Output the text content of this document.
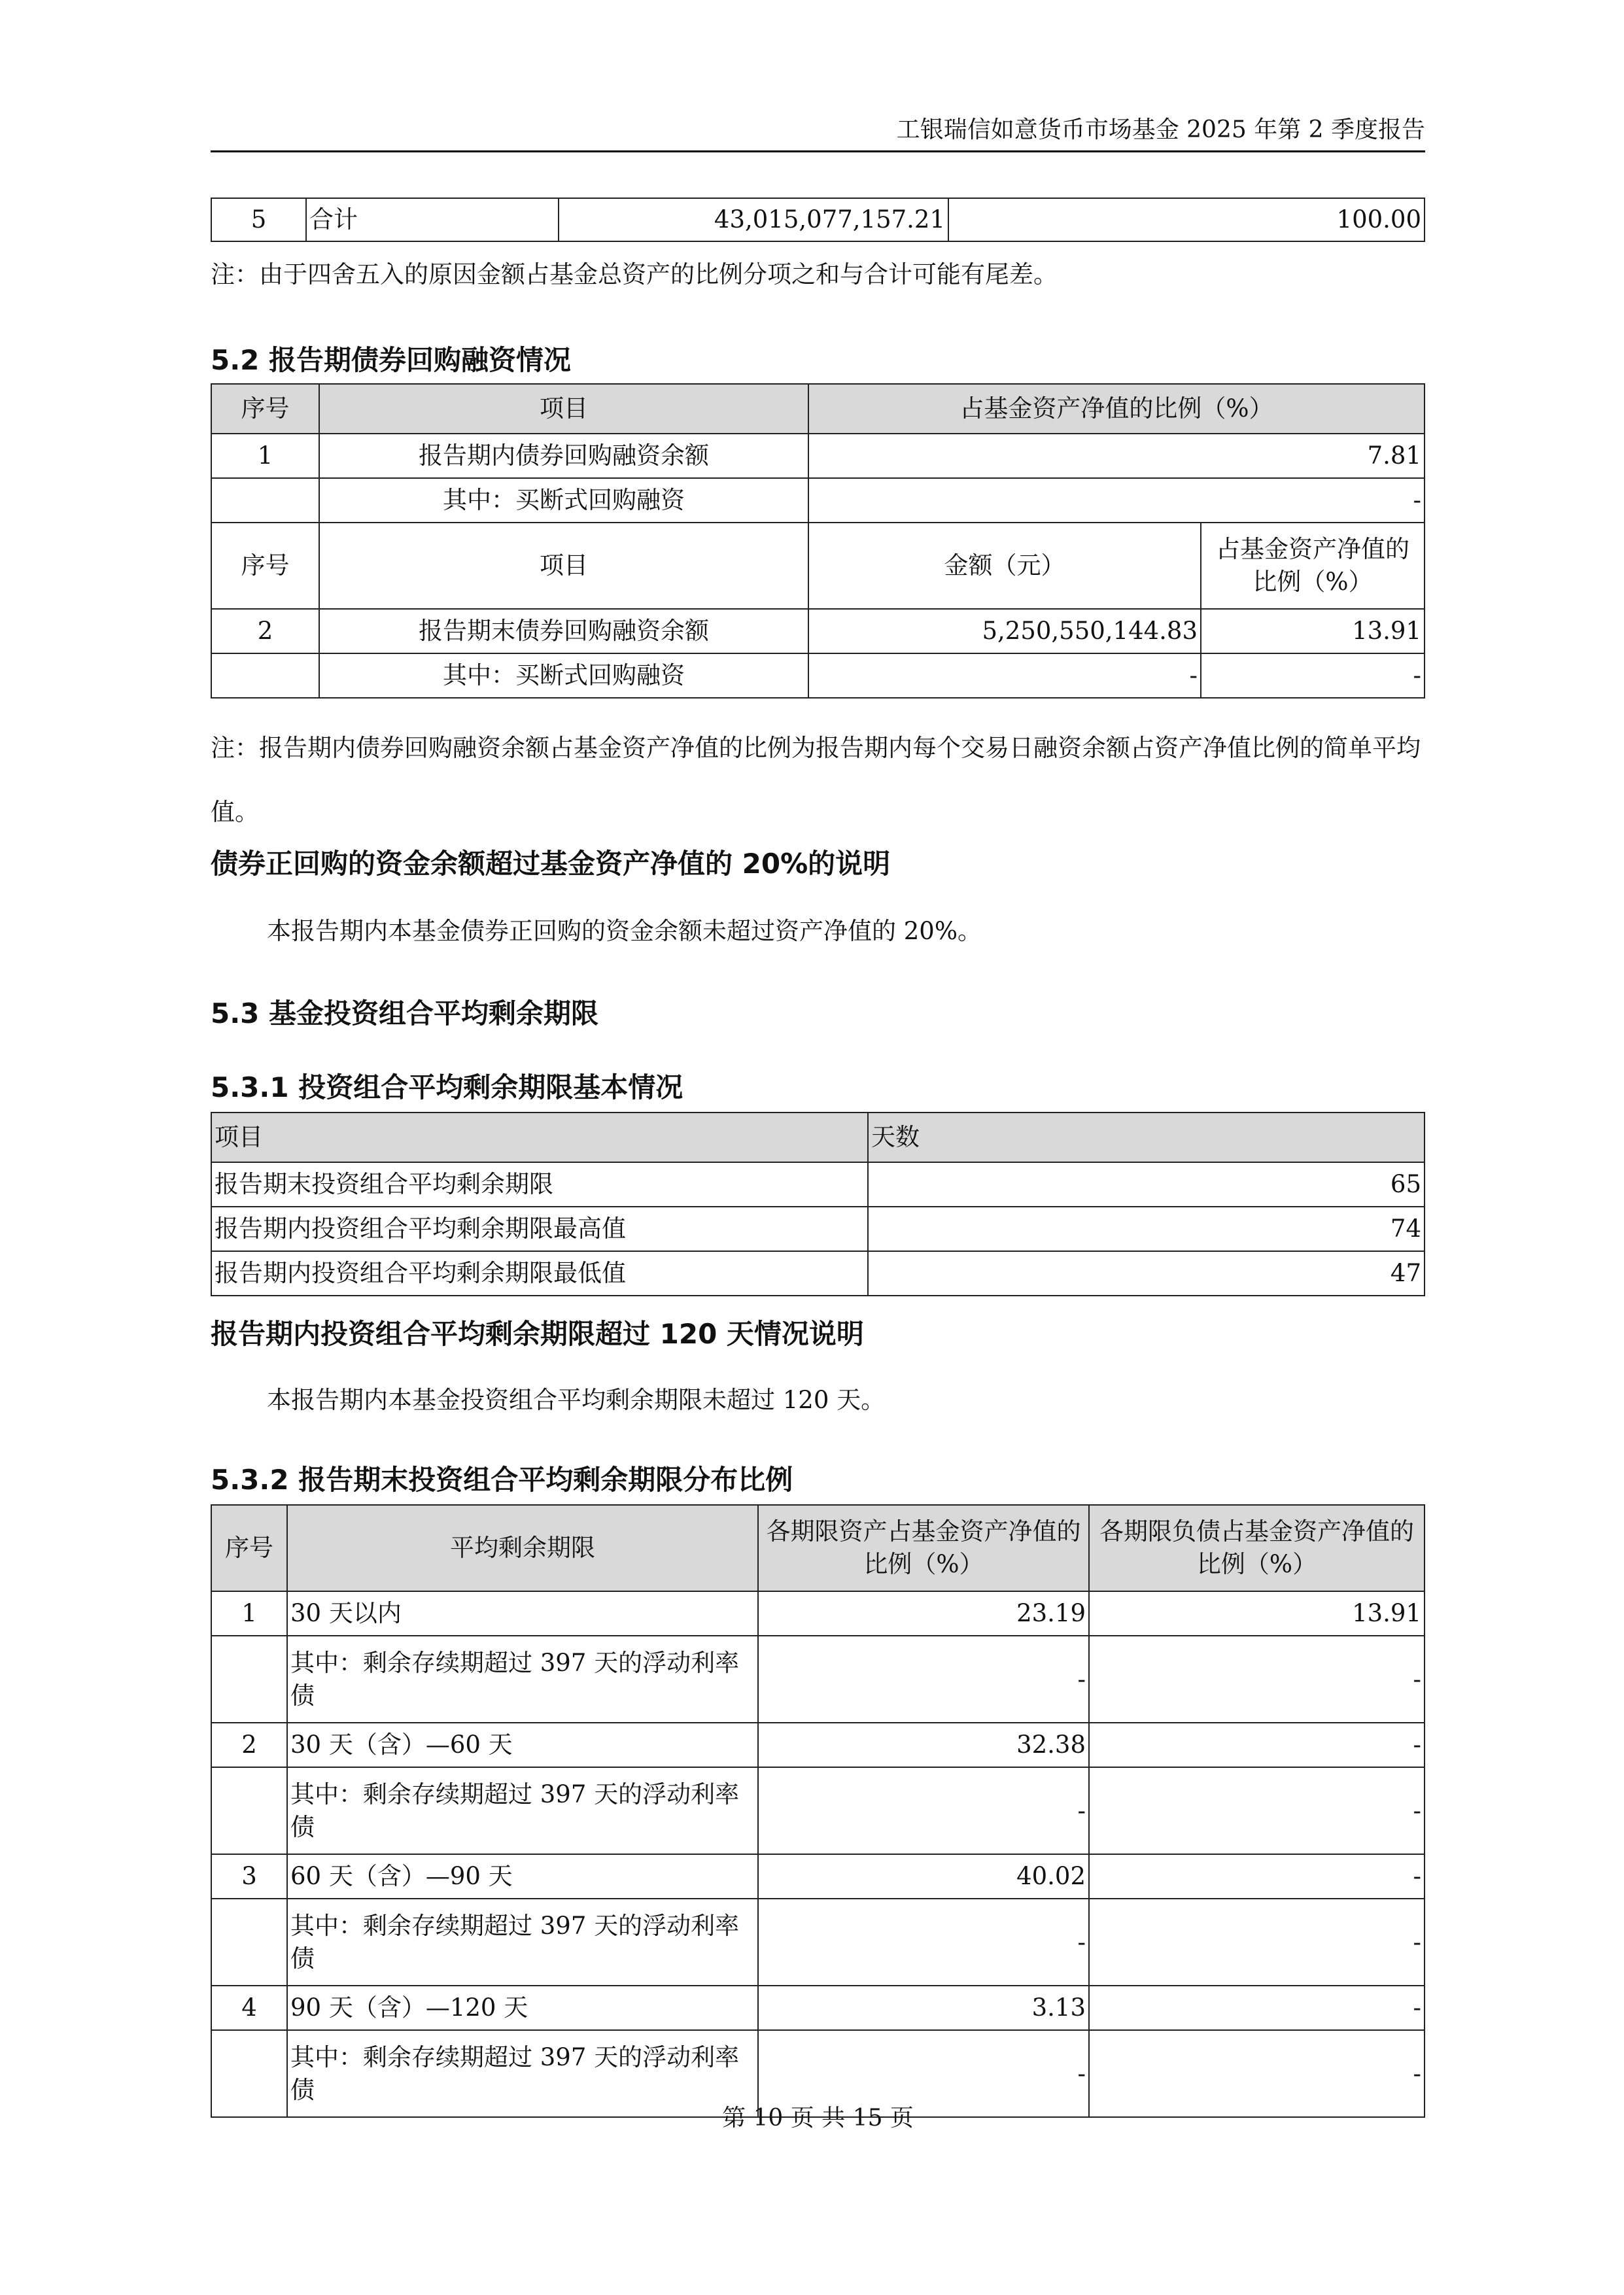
工银瑞信如意货币市场基金 2025 年第 2 季度报告
5	合计	43,015,077,157.21	100.00
注：由于四舍五入的原因金额占基金总资产的比例分项之和与合计可能有尾差。
5.2 报告期债券回购融资情况
序号	项目	占基金资产净值的比例（%）	
1	报告期内债券回购融资余额	7.81	
	其中：买断式回购融资	-	
序号	项目	金额（元）	占基金资产净值的比例（%）
2	报告期末债券回购融资余额	5,250,550,144.83	13.91
	其中：买断式回购融资	-	-
注：报告期内债券回购融资余额占基金资产净值的比例为报告期内每个交易日融资余额占资产净值比例的简单平均值。
债券正回购的资金余额超过基金资产净值的 20%的说明
本报告期内本基金债券正回购的资金余额未超过资产净值的 20%。
5.3 基金投资组合平均剩余期限
5.3.1 投资组合平均剩余期限基本情况
项目	天数
报告期末投资组合平均剩余期限	65
报告期内投资组合平均剩余期限最高值	74
报告期内投资组合平均剩余期限最低值	47
报告期内投资组合平均剩余期限超过 120 天情况说明
本报告期内本基金投资组合平均剩余期限未超过 120 天。
5.3.2 报告期末投资组合平均剩余期限分布比例
序号	平均剩余期限	各期限资产占基金资产净值的比例（%）	各期限负债占基金资产净值的比例（%）
1	30 天以内	23.19	13.91
	其中：剩余存续期超过 397 天的浮动利率债	-	-
2	30 天（含）—60 天	32.38	-
	其中：剩余存续期超过 397 天的浮动利率债	-	-
3	60 天（含）—90 天	40.02	-
	其中：剩余存续期超过 397 天的浮动利率债	-	-
4	90 天（含）—120 天	3.13	-
	其中：剩余存续期超过 397 天的浮动利率债	-	-
第 10 页 共 15 页
